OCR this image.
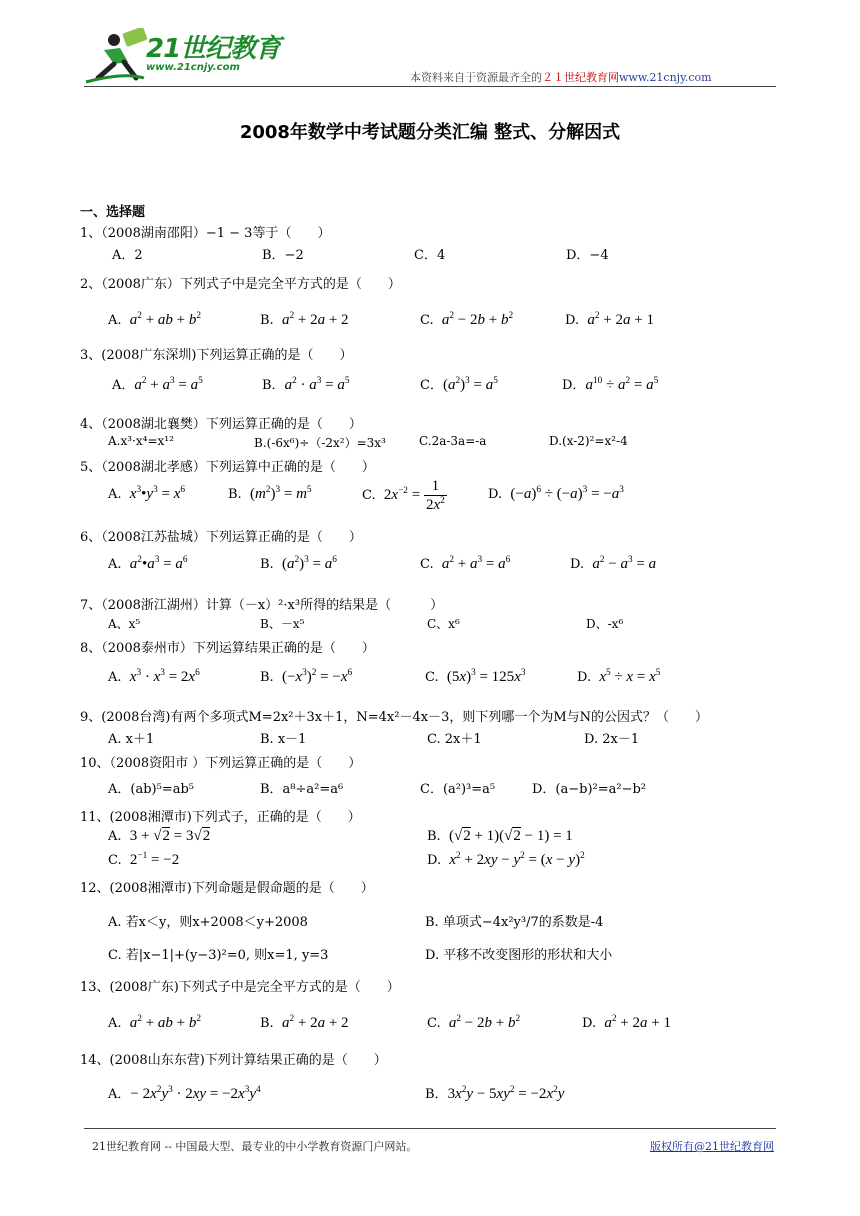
21世纪教育
www.21cnjy.com
本资料来自于资源最齐全的２１世纪教育网www.21cnjy.com
2008年数学中考试题分类汇编 整式、分解因式
一、选择题
1、（2008湖南邵阳）−1 − 3等于（　　）
A．2	B．−2	C．4	D．−4
2、（2008广东）下列式子中是完全平方式的是（　　）
A.  $a^2$ + ab + $b^2$	B.  $a^2 + 2a + 2$	C.  $a^2 - 2b + b^2$	D.  $a^2 + 2a + 1$
3、(2008广东深圳)下列运算正确的是（　　）
A．$a^2 + a^3 = a^5$	B．$a^2 \cdot a^3 = a^5$	C．$(a^2)^3 = a^5$	D．$a^{10} \div a^2 = a^5$
4、（2008湖北襄樊）下列运算正确的是（　　）
A.x³·x⁴=x¹²	B.(-6x⁶)÷（-2x²）=3x³	C.2a-3a=-a	D.(x-2)²=x²-4
5、（2008湖北孝感）下列运算中正确的是（　　）
A.  $x^3•y^3 = x^6$	B.  $(m^2)^3 = m^5$	C.  $2x^{-2} = \frac{1}{2x^2}$	D.  $(-a)^6 \div (-a)^3 = -a^3$
6、（2008江苏盐城）下列运算正确的是（　　）
A.  $a^2•a^3 = a^6$	B.  $(a^2)^3 = a^6$	C.  $a^2 + a^3 = a^6$	D.  $a^2 - a^3 = a$
7、（2008浙江湖州）计算（－x）²·x³所得的结果是（　　　）
A、x⁵	B、－x⁵	C、x⁶	D、-x⁶
8、（2008泰州市）下列运算结果正确的是（　　）
A.  $x^3 \cdot x^3 = 2x^6$	B.  $(-x^3)^2 = -x^6$	C.  $(5x)^3 = 125x^3$	D.  $x^5 \div x = x^5$
9、(2008台湾)有两个多项式M=2x²＋3x＋1，N=4x²－4x－3，则下列哪一个为M与N的公因式？（　　）
A. x＋1	B. x－1	C. 2x＋1	D. 2x－1
10、（2008资阳市 ）下列运算正确的是（　　）
A．(ab)⁵=ab⁵	B．a⁸÷a²=a⁶	C．(a²)³=a⁵	D．(a−b)²=a²−b²
11、(2008湘潭市)下列式子，正确的是（　　）
A.  3 + √2 = 3√2	B.  (√2 + 1)(√2 − 1) = 1
C.  $2^{-1} = -2$	D.  $x^2 + 2xy - y^2 = (x - y)^2$
12、(2008湘潭市)下列命题是假命题的是（　　）
A. 若x＜y，则x+2008＜y+2008	B. 单项式−4x²y³/7的系数是-4
C. 若|x−1|+(y−3)²=0, 则x=1, y=3	D. 平移不改变图形的形状和大小
13、(2008广东)下列式子中是完全平方式的是（　　）
A.  $a^2$ + ab + $b^2$	B.  $a^2 + 2a + 2$	C.  $a^2 - 2b + b^2$	D.  $a^2 + 2a + 1$
14、(2008山东东营)下列计算结果正确的是（　　）
A．− $2x^2y^3 \cdot 2xy = -2x^3y^4$	B．$3x^2y - 5xy^2 = -2x^2y$
21世纪教育网 -- 中国最大型、最专业的中小学教育资源门户网站。	版权所有@21世纪教育网
